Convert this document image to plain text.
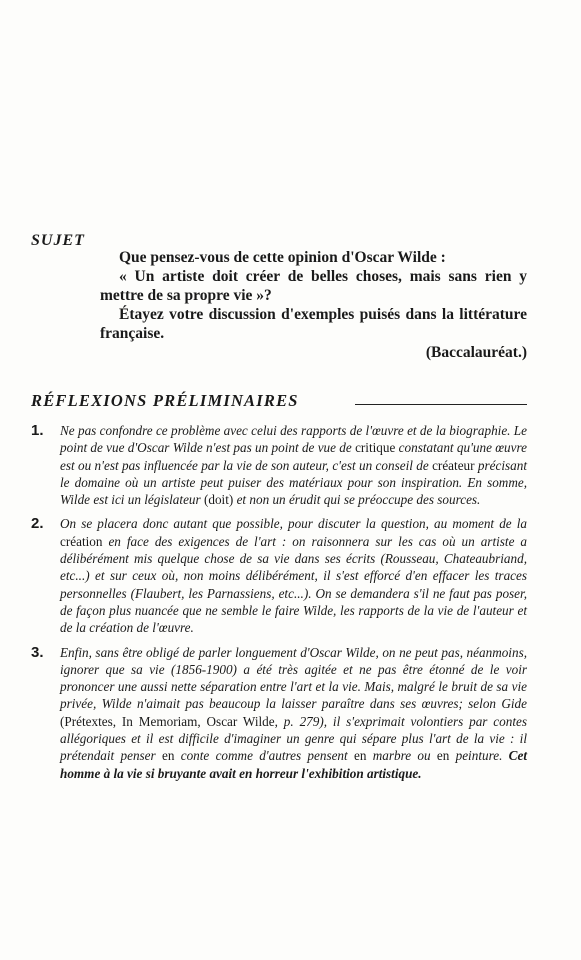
SUJET

Que pensez-vous de cette opinion d'Oscar Wilde :

« Un artiste doit créer de belles choses, mais sans rien y mettre de sa propre vie »?

Étayez votre discussion d'exemples puisés dans la littérature française.

(Baccalauréat.)

RÉFLEXIONS PRÉLIMINAIRES
1. Ne pas confondre ce problème avec celui des rapports de l'œuvre et de la biographie. Le point de vue d'Oscar Wilde n'est pas un point de vue de critique constatant qu'une œuvre est ou n'est pas influencée par la vie de son auteur, c'est un conseil de créateur précisant le domaine où un artiste peut puiser des matériaux pour son inspiration. En somme, Wilde est ici un législateur (doit) et non un érudit qui se préoccupe des sources.
2. On se placera donc autant que possible, pour discuter la question, au moment de la création en face des exigences de l'art : on raisonnera sur les cas où un artiste a délibérément mis quelque chose de sa vie dans ses écrits (Rousseau, Chateaubriand, etc...) et sur ceux où, non moins délibérément, il s'est efforcé d'en effacer les traces personnelles (Flaubert, les Parnassiens, etc...). On se demandera s'il ne faut pas poser, de façon plus nuancée que ne semble le faire Wilde, les rapports de la vie de l'auteur et de la création de l'œuvre.
3. Enfin, sans être obligé de parler longuement d'Oscar Wilde, on ne peut pas, néanmoins, ignorer que sa vie (1856-1900) a été très agitée et ne pas être étonné de le voir prononcer une aussi nette séparation entre l'art et la vie. Mais, malgré le bruit de sa vie privée, Wilde n'aimait pas beaucoup la laisser paraître dans ses œuvres; selon Gide (Prétextes, In Memoriam, Oscar Wilde, p. 279), il s'exprimait volontiers par contes allégoriques et il est difficile d'imaginer un genre qui sépare plus l'art de la vie : il prétendait penser en conte comme d'autres pensent en marbre ou en peinture. Cet homme à la vie si bruyante avait en horreur l'exhibition artistique.
